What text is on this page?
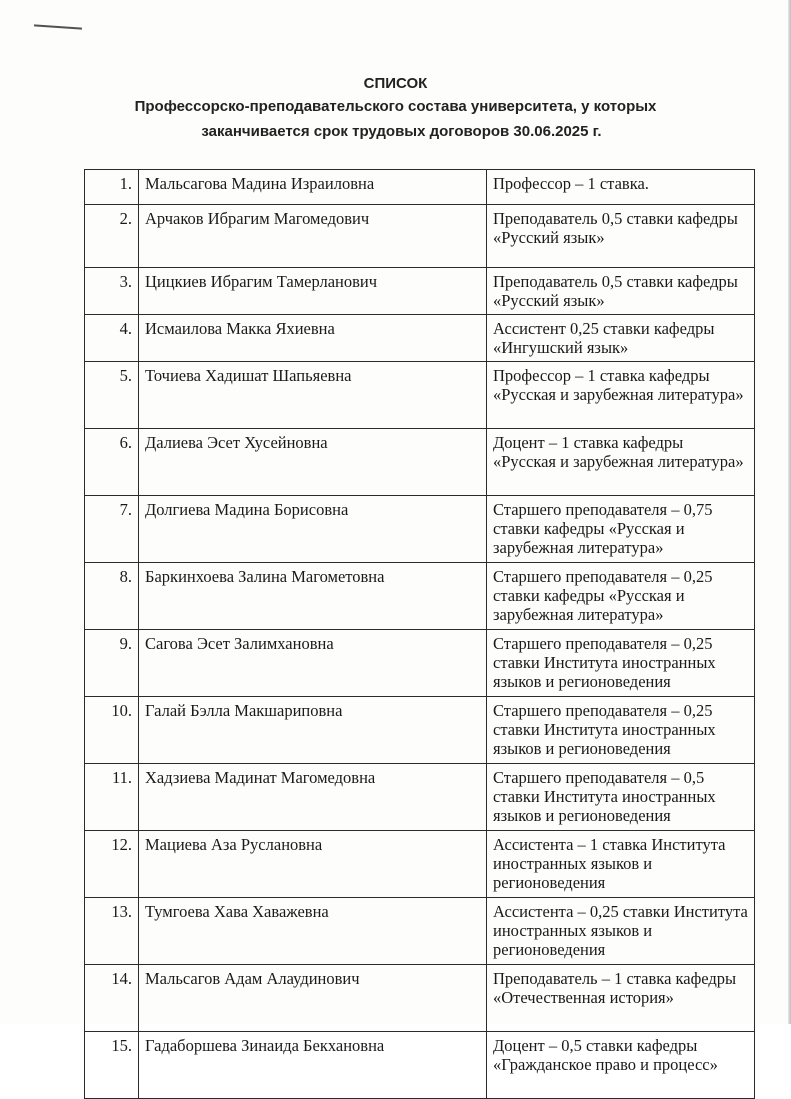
СПИСОК
Профессорско-преподавательского состава университета, у которых
заканчивается срок трудовых договоров 30.06.2025 г.
1.	Мальсагова Мадина Израиловна	Профессор – 1 ставка.
2.	Арчаков Ибрагим Магомедович	Преподаватель 0,5 ставки кафедры «Русский язык»
3.	Цицкиев Ибрагим Тамерланович	Преподаватель 0,5 ставки кафедры «Русский язык»
4.	Исмаилова Макка Яхиевна	Ассистент 0,25 ставки кафедры «Ингушский язык»
5.	Точиева Хадишат Шапьяевна	Профессор – 1 ставка кафедры «Русская и зарубежная литература»
6.	Далиева Эсет Хусейновна	Доцент – 1 ставка кафедры «Русская и зарубежная литература»
7.	Долгиева Мадина Борисовна	Старшего преподавателя – 0,75 ставки кафедры «Русская и зарубежная литература»
8.	Баркинхоева Залина Магометовна	Старшего преподавателя – 0,25 ставки кафедры «Русская и зарубежная литература»
9.	Сагова Эсет Залимхановна	Старшего преподавателя – 0,25 ставки Института иностранных языков и регионоведения
10.	Галай Бэлла Макшариповна	Старшего преподавателя – 0,25 ставки Института иностранных языков и регионоведения
11.	Хадзиева Мадинат Магомедовна	Старшего преподавателя – 0,5 ставки Института иностранных языков и регионоведения
12.	Мациева Аза Руслановна	Ассистента – 1 ставка Института иностранных языков и регионоведения
13.	Тумгоева Хава Хаважевна	Ассистента – 0,25 ставки Института иностранных языков и регионоведения
14.	Мальсагов Адам Алаудинович	Преподаватель – 1 ставка кафедры «Отечественная история»
15.	Гадаборшева Зинаида Бекхановна	Доцент – 0,5 ставки кафедры «Гражданское право и процесс»
